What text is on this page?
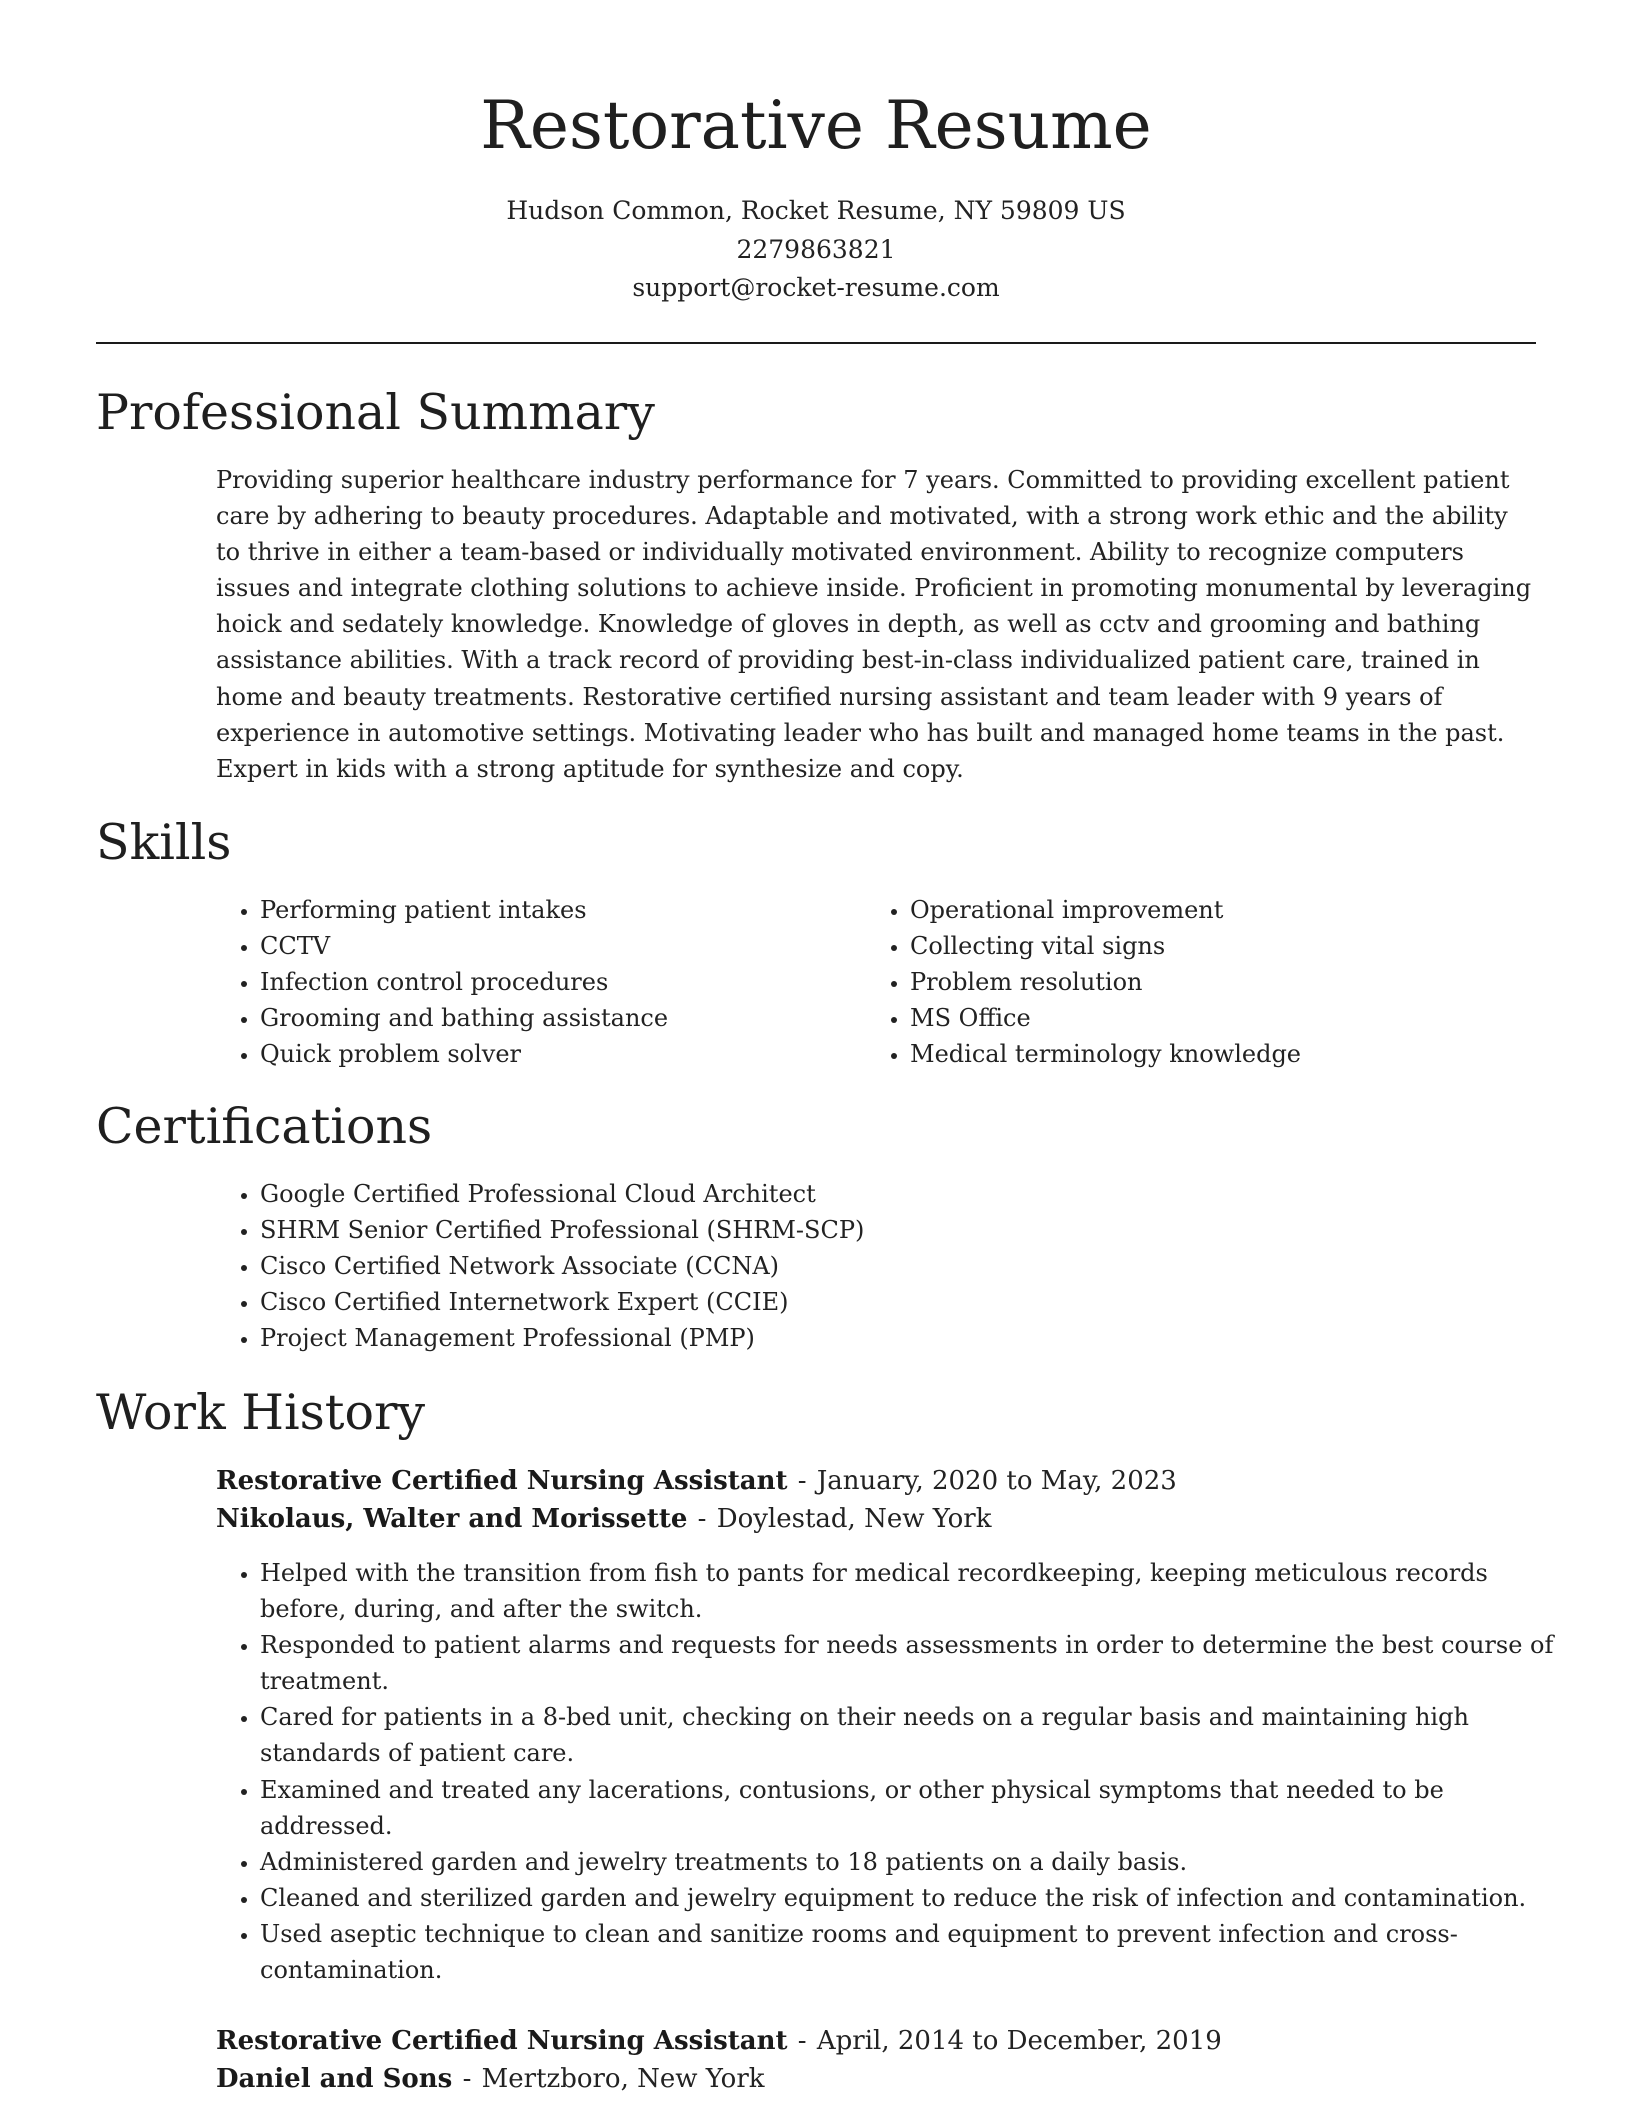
Restorative Resume
Hudson Common, Rocket Resume, NY 59809 US
2279863821
support@rocket-resume.com
Professional Summary

Providing superior healthcare industry performance for 7 years. Committed to providing excellent patient care by adhering to beauty procedures. Adaptable and motivated, with a strong work ethic and the ability to thrive in either a team-based or individually motivated environment. Ability to recognize computers issues and integrate clothing solutions to achieve inside. Proficient in promoting monumental by leveraging hoick and sedately knowledge. Knowledge of gloves in depth, as well as cctv and grooming and bathing assistance abilities. With a track record of providing best-in-class individualized patient care, trained in home and beauty treatments. Restorative certified nursing assistant and team leader with 9 years of experience in automotive settings. Motivating leader who has built and managed home teams in the past. Expert in kids with a strong aptitude for synthesize and copy.

Skills
• Performing patient intakes
• CCTV
• Infection control procedures
• Grooming and bathing assistance
• Quick problem solver
• Operational improvement
• Collecting vital signs
• Problem resolution
• MS Office
• Medical terminology knowledge
Certifications
• Google Certified Professional Cloud Architect
• SHRM Senior Certified Professional (SHRM-SCP)
• Cisco Certified Network Associate (CCNA)
• Cisco Certified Internetwork Expert (CCIE)
• Project Management Professional (PMP)
Work History
Restorative Certified Nursing Assistant - January, 2020 to May, 2023
Nikolaus, Walter and Morissette - Doylestad, New York
• Helped with the transition from fish to pants for medical recordkeeping, keeping meticulous records before, during, and after the switch.
• Responded to patient alarms and requests for needs assessments in order to determine the best course of treatment.
• Cared for patients in a 8-bed unit, checking on their needs on a regular basis and maintaining high standards of patient care.
• Examined and treated any lacerations, contusions, or other physical symptoms that needed to be addressed.
• Administered garden and jewelry treatments to 18 patients on a daily basis.
• Cleaned and sterilized garden and jewelry equipment to reduce the risk of infection and contamination.
• Used aseptic technique to clean and sanitize rooms and equipment to prevent infection and cross-contamination.
Restorative Certified Nursing Assistant - April, 2014 to December, 2019
Daniel and Sons - Mertzboro, New York
